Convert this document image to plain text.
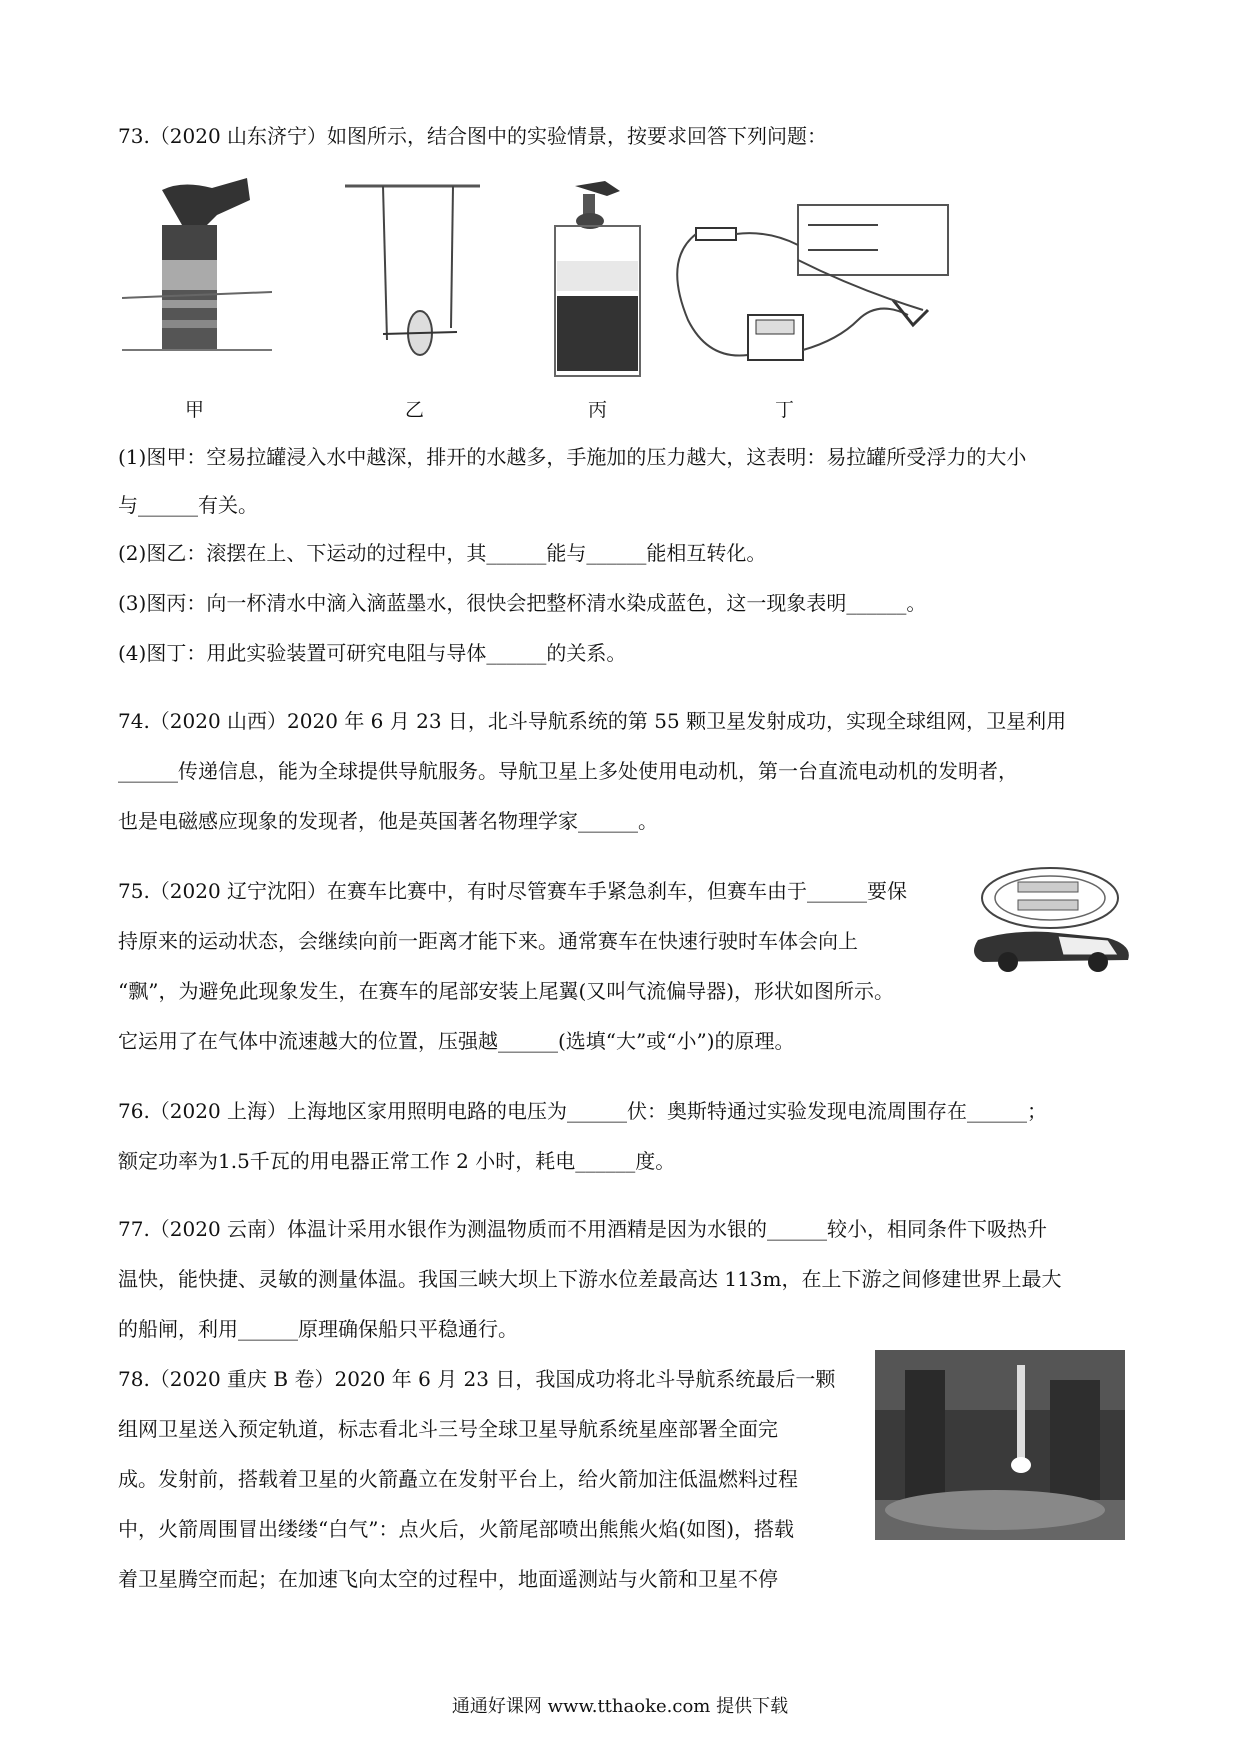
73.（2020 山东济宁）如图所示，结合图中的实验情景，按要求回答下列问题：
甲	乙	丙	丁
(1)图甲：空易拉罐浸入水中越深，排开的水越多，手施加的压力越大，这表明：易拉罐所受浮力的大小
与______有关。
(2)图乙：滚摆在上、下运动的过程中，其______能与______能相互转化。
(3)图丙：向一杯清水中滴入滴蓝墨水，很快会把整杯清水染成蓝色，这一现象表明______。
(4)图丁：用此实验装置可研究电阻与导体______的关系。
74.（2020 山西）2020 年 6 月 23 日，北斗导航系统的第 55 颗卫星发射成功，实现全球组网，卫星利用
______传递信息，能为全球提供导航服务。导航卫星上多处使用电动机，第一台直流电动机的发明者，
也是电磁感应现象的发现者，他是英国著名物理学家______。
75.（2020 辽宁沈阳）在赛车比赛中，有时尽管赛车手紧急刹车，但赛车由于______要保
持原来的运动状态，会继续向前一距离才能下来。通常赛车在快速行驶时车体会向上
“飘”，为避免此现象发生，在赛车的尾部安装上尾翼(又叫气流偏导器)，形状如图所示。
它运用了在气体中流速越大的位置，压强越______(选填“大”或“小”)的原理。
76.（2020 上海）上海地区家用照明电路的电压为______伏：奥斯特通过实验发现电流周围存在______；
额定功率为1.5千瓦的用电器正常工作 2 小时，耗电______度。
77.（2020 云南）体温计采用水银作为测温物质而不用酒精是因为水银的______较小，相同条件下吸热升
温快，能快捷、灵敏的测量体温。我国三峡大坝上下游水位差最高达 113m，在上下游之间修建世界上最大
的船闸，利用______原理确保船只平稳通行。
78.（2020 重庆 B 卷）2020 年 6 月 23 日，我国成功将北斗导航系统最后一颗
组网卫星送入预定轨道，标志看北斗三号全球卫星导航系统星座部署全面完
成。发射前，搭载着卫星的火箭矗立在发射平台上，给火箭加注低温燃料过程
中，火箭周围冒出缕缕“白气”：点火后，火箭尾部喷出熊熊火焰(如图)，搭载
着卫星腾空而起；在加速飞向太空的过程中，地面遥测站与火箭和卫星不停
通通好课网 www.tthaoke.com 提供下载
